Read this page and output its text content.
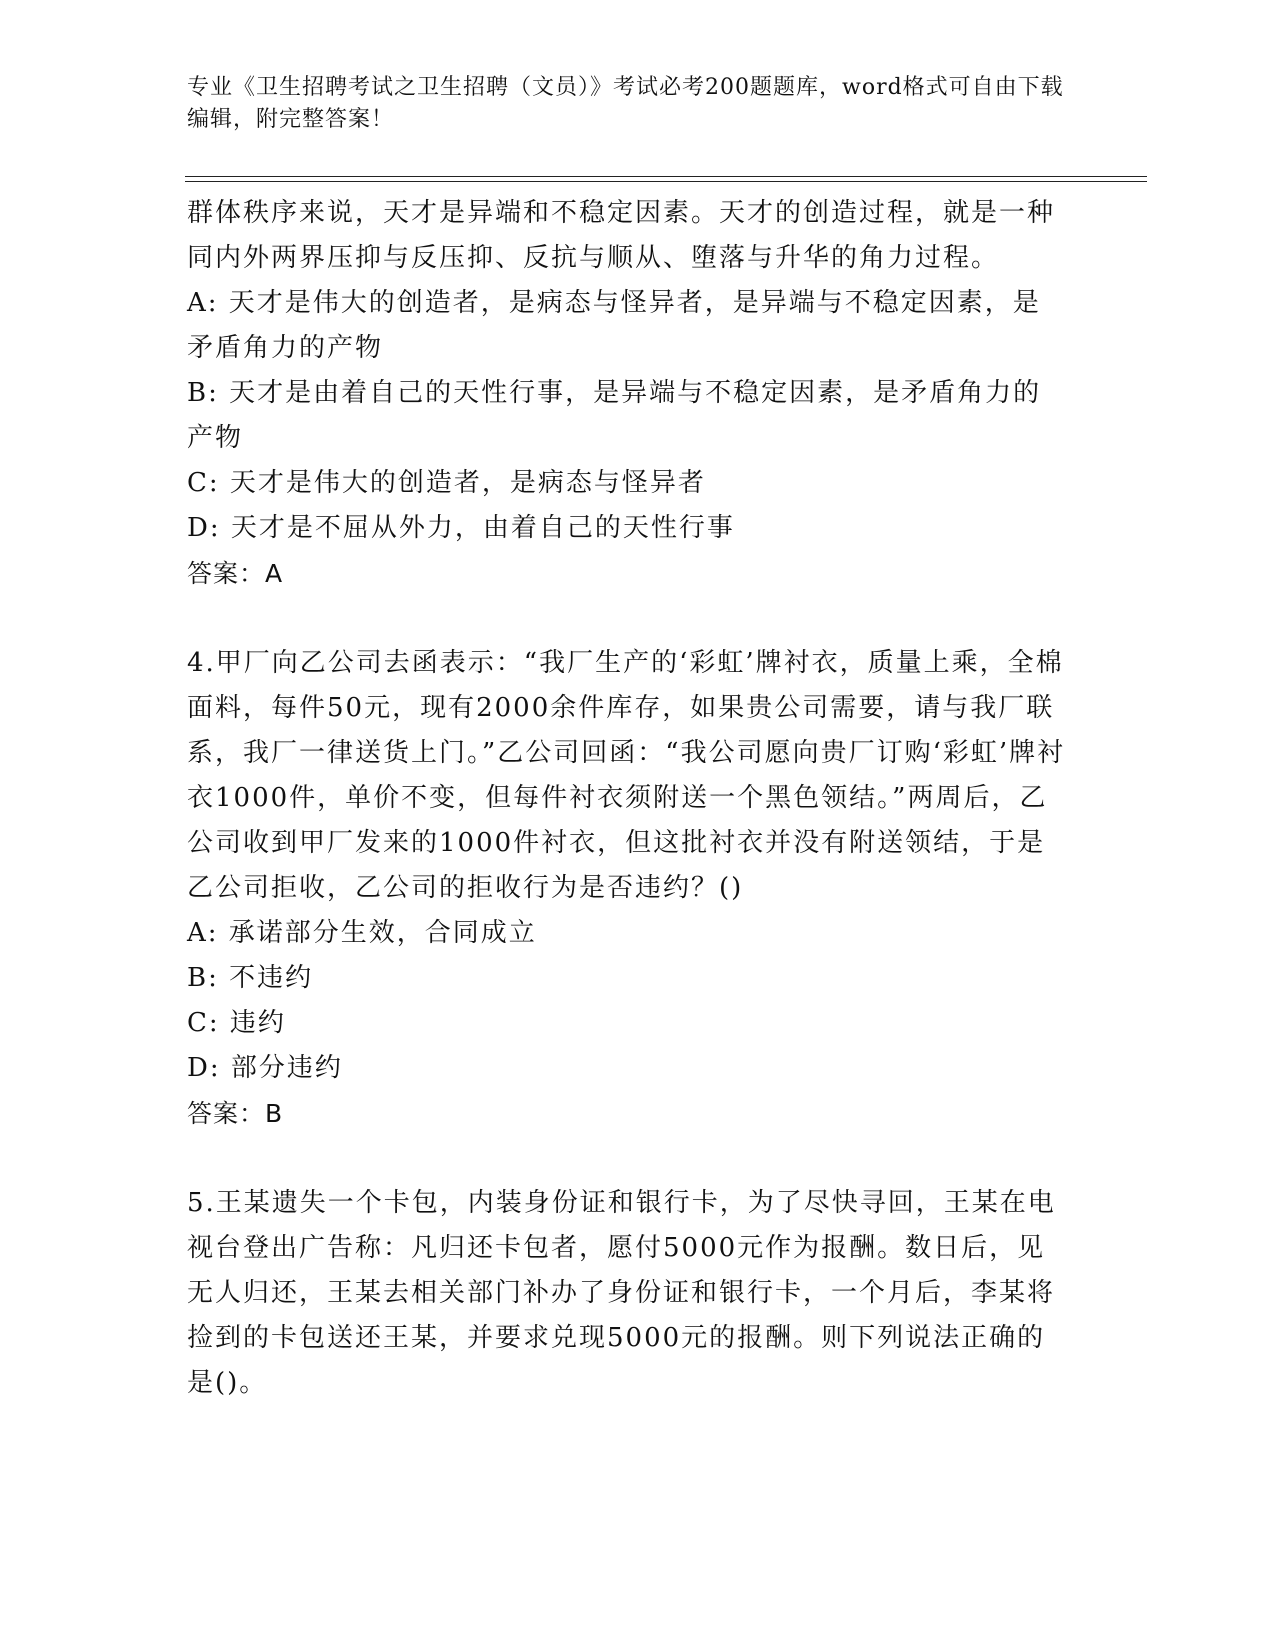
专业《卫生招聘考试之卫生招聘（文员）》考试必考200题题库，word格式可自由下载编辑，附完整答案！

群体秩序来说，天才是异端和不稳定因素。天才的创造过程，就是一种同内外两界压抑与反压抑、反抗与顺从、堕落与升华的角力过程。

A: 天才是伟大的创造者，是病态与怪异者，是异端与不稳定因素，是矛盾角力的产物

B: 天才是由着自己的天性行事，是异端与不稳定因素，是矛盾角力的产物

C: 天才是伟大的创造者，是病态与怪异者

D: 天才是不屈从外力，由着自己的天性行事

答案：A

4.甲厂向乙公司去函表示：“我厂生产的‘彩虹’牌衬衣，质量上乘，全棉面料，每件50元，现有2000余件库存，如果贵公司需要，请与我厂联系，我厂一律送货上门。”乙公司回函：“我公司愿向贵厂订购‘彩虹’牌衬衣1000件，单价不变，但每件衬衣须附送一个黑色领结。”两周后，乙公司收到甲厂发来的1000件衬衣，但这批衬衣并没有附送领结，于是乙公司拒收，乙公司的拒收行为是否违约？()

A: 承诺部分生效，合同成立

B: 不违约

C: 违约

D: 部分违约

答案：B

5.王某遗失一个卡包，内装身份证和银行卡，为了尽快寻回，王某在电视台登出广告称：凡归还卡包者，愿付5000元作为报酬。数日后，见无人归还，王某去相关部门补办了身份证和银行卡，一个月后，李某将捡到的卡包送还王某，并要求兑现5000元的报酬。则下列说法正确的是()。
